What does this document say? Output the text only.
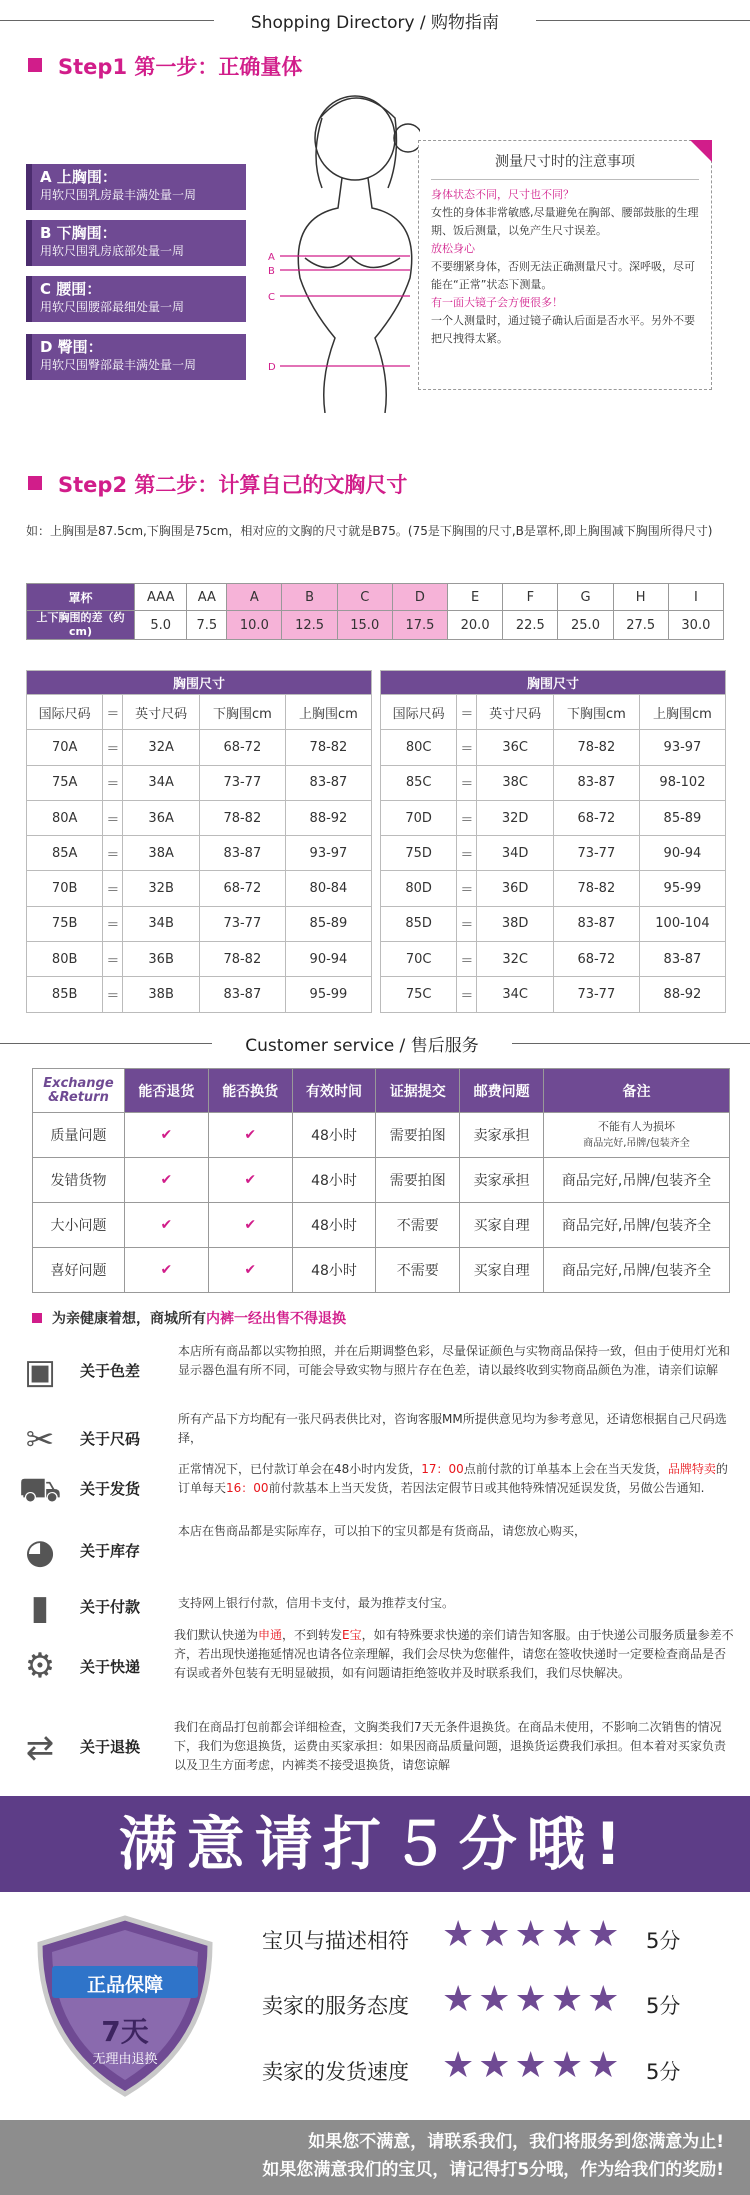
Shopping Directory / 购物指南
Step1 第一步：正确量体
A 上胸围：
用软尺围乳房最丰满处量一周
B 下胸围：
用软尺围乳房底部处量一周
C 腰围：
用软尺围腰部最细处量一周
D 臀围：
用软尺围臀部最丰满处量一周
A
B
C
D
测量尺寸时的注意事项

身体状态不同，尺寸也不同？

女性的身体非常敏感,尽量避免在胸部、腰部鼓胀的生理期、饭后测量，以免产生尺寸误差。

放松身心

不要绷紧身体，否则无法正确测量尺寸。深呼吸，尽可能在“正常”状态下测量。

有一面大镜子会方便很多！

一个人测量时，通过镜子确认后面是否水平。另外不要把尺拽得太紧。

Step2 第二步：计算自己的文胸尺寸
如：上胸围是87.5cm,下胸围是75cm，相对应的文胸的尺寸就是B75。(75是下胸围的尺寸,B是罩杯,即上胸围减下胸围所得尺寸)
罩杯	AAA	AA	A	B	C	D	E	F	G	H	I
上下胸围的差（约cm)	5.0	7.5	10.0	12.5	15.0	17.5	20.0	22.5	25.0	27.5	30.0
胸围尺寸				
国际尺码	＝	英寸尺码	下胸围cm	上胸围cm
70A	＝	32A	68-72	78-82
75A	＝	34A	73-77	83-87
80A	＝	36A	78-82	88-92
85A	＝	38A	83-87	93-97
70B	＝	32B	68-72	80-84
75B	＝	34B	73-77	85-89
80B	＝	36B	78-82	90-94
85B	＝	38B	83-87	95-99
胸围尺寸				
国际尺码	＝	英寸尺码	下胸围cm	上胸围cm
80C	＝	36C	78-82	93-97
85C	＝	38C	83-87	98-102
70D	＝	32D	68-72	85-89
75D	＝	34D	73-77	90-94
80D	＝	36D	78-82	95-99
85D	＝	38D	83-87	100-104
70C	＝	32C	68-72	83-87
75C	＝	34C	73-77	88-92
Customer service / 售后服务
Exchange
&Return	能否退货	能否换货	有效时间	证据提交	邮费问题	备注
质量问题	✔	✔	48小时	需要拍图	卖家承担	不能有人为损坏
商品完好,吊牌/包装齐全
发错货物	✔	✔	48小时	需要拍图	卖家承担	商品完好,吊牌/包装齐全
大小问题	✔	✔	48小时	不需要	买家自理	商品完好,吊牌/包装齐全
喜好问题	✔	✔	48小时	不需要	买家自理	商品完好,吊牌/包装齐全
为亲健康着想，商城所有内裤一经出售不得退换
▣	关于色差
本店所有商品都以实物拍照，并在后期调整色彩，尽量保证颜色与实物商品保持一致，但由于使用灯光和显示器色温有所不同，可能会导致实物与照片存在色差，请以最终收到实物商品颜色为准，请亲们谅解
✂	关于尺码
所有产品下方均配有一张尺码表供比对，咨询客服MM所提供意见均为参考意见，还请您根据自己尺码选择，
⛟	关于发货
正常情况下，已付款订单会在48小时内发货，17：00点前付款的订单基本上会在当天发货，品牌特卖的订单每天16：00前付款基本上当天发货，若因法定假节日或其他特殊情况延误发货，另做公告通知.
◕	关于库存
本店在售商品都是实际库存，可以拍下的宝贝都是有货商品，请您放心购买，
▮	关于付款	支持网上银行付款，信用卡支付，最为推荐支付宝。
⚙	关于快递
我们默认快递为申通，不到转发E宝，如有特殊要求快递的亲们请告知客服。由于快递公司服务质量参差不齐，若出现快递拖延情况也请各位亲理解，我们会尽快为您催件，请您在签收快递时一定要检查商品是否有误或者外包装有无明显破损，如有问题请拒绝签收并及时联系我们，我们尽快解决。
⇄	关于退换
我们在商品打包前都会详细检查，文胸类我们7天无条件退换货。在商品未使用，不影响二次销售的情况下，我们为您退换货，运费由买家承担：如果因商品质量问题，退换货运费我们承担。但本着对买家负责以及卫生方面考虑，内裤类不接受退换货，请您谅解
满意请打５分哦!
正品保障
7天
无理由退换
宝贝与描述相符 ★★★★★ 5分
卖家的服务态度 ★★★★★ 5分
卖家的发货速度 ★★★★★ 5分
如果您不满意，请联系我们，我们将服务到您满意为止!
如果您满意我们的宝贝，请记得打5分哦，作为给我们的奖励!
